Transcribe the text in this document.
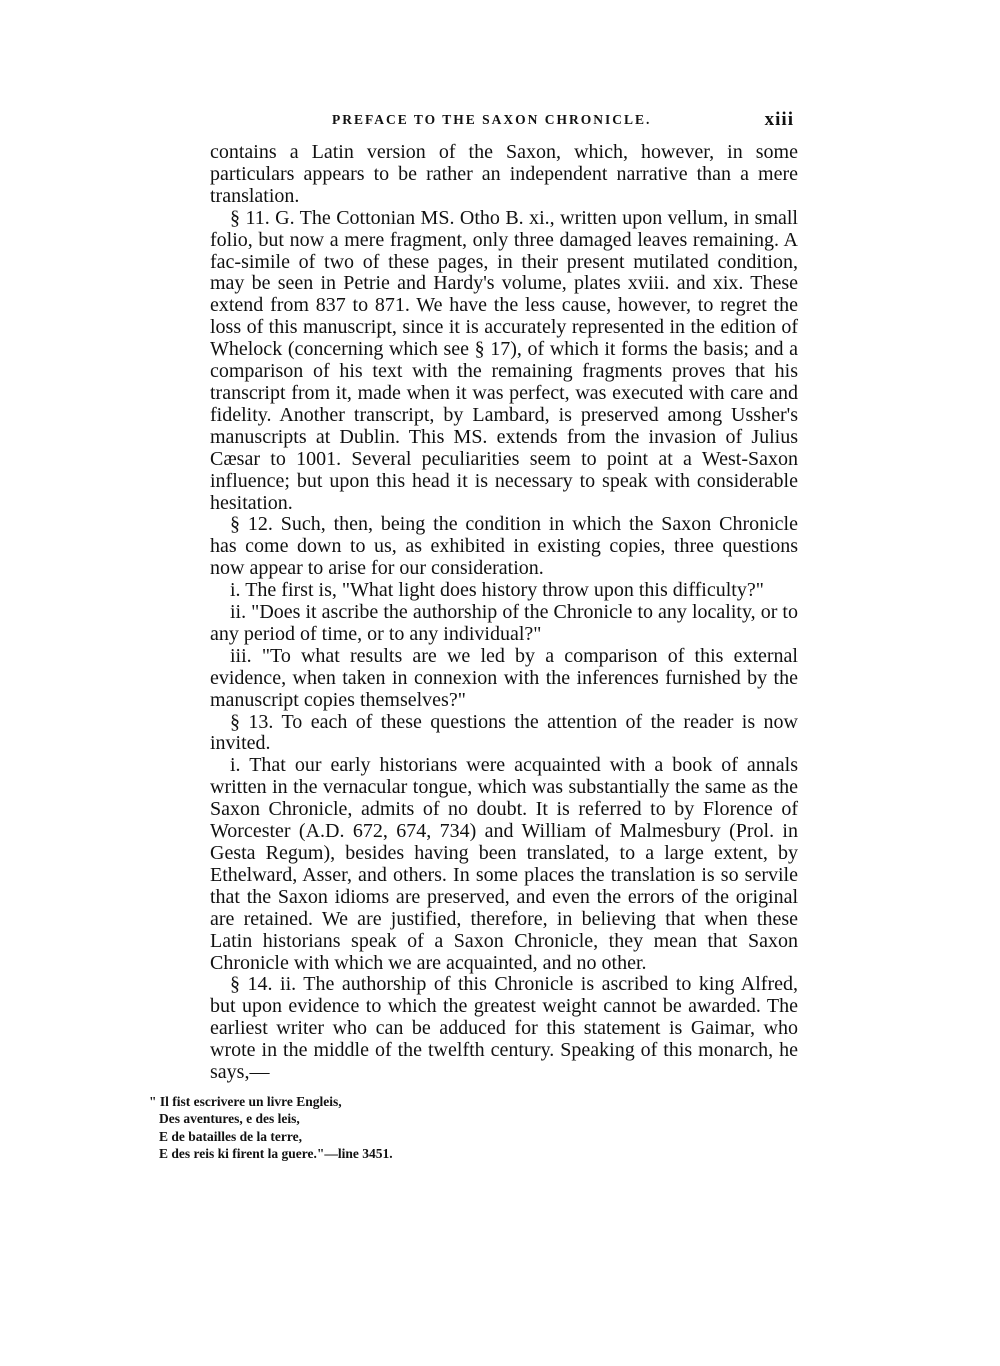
PREFACE TO THE SAXON CHRONICLE.	xiii

contains a Latin version of the Saxon, which, however, in some particulars appears to be rather an independent narrative than a mere translation.

§ 11. G. The Cottonian MS. Otho B. xi., written upon vellum, in small folio, but now a mere fragment, only three damaged leaves remaining. A fac-simile of two of these pages, in their present mutilated condition, may be seen in Petrie and Hardy's volume, plates xviii. and xix. These extend from 837 to 871. We have the less cause, however, to regret the loss of this manuscript, since it is accurately represented in the edition of Whelock (concerning which see § 17), of which it forms the basis; and a comparison of his text with the remaining fragments proves that his transcript from it, made when it was perfect, was executed with care and fidelity. Another transcript, by Lambard, is preserved among Ussher's manuscripts at Dublin. This MS. extends from the invasion of Julius Cæsar to 1001. Several peculiarities seem to point at a West-Saxon influence; but upon this head it is necessary to speak with considerable hesitation.

§ 12. Such, then, being the condition in which the Saxon Chronicle has come down to us, as exhibited in existing copies, three questions now appear to arise for our consideration.

i. The first is, "What light does history throw upon this difficulty?"

ii. "Does it ascribe the authorship of the Chronicle to any locality, or to any period of time, or to any individual?"

iii. "To what results are we led by a comparison of this external evidence, when taken in connexion with the inferences furnished by the manuscript copies themselves?"

§ 13. To each of these questions the attention of the reader is now invited.

i. That our early historians were acquainted with a book of annals written in the vernacular tongue, which was substantially the same as the Saxon Chronicle, admits of no doubt. It is referred to by Florence of Worcester (A.D. 672, 674, 734) and William of Malmesbury (Prol. in Gesta Regum), besides having been translated, to a large extent, by Ethelward, Asser, and others. In some places the translation is so servile that the Saxon idioms are preserved, and even the errors of the original are retained. We are justified, therefore, in believing that when these Latin historians speak of a Saxon Chronicle, they mean that Saxon Chronicle with which we are acquainted, and no other.

§ 14. ii. The authorship of this Chronicle is ascribed to king Alfred, but upon evidence to which the greatest weight cannot be awarded. The earliest writer who can be adduced for this statement is Gaimar, who wrote in the middle of the twelfth century. Speaking of this monarch, he says,—

" Il fist escrivere un livre Engleis,
Des aventures, e des leis,
E de batailles de la terre,
E des reis ki firent la guere."—line 3451.
